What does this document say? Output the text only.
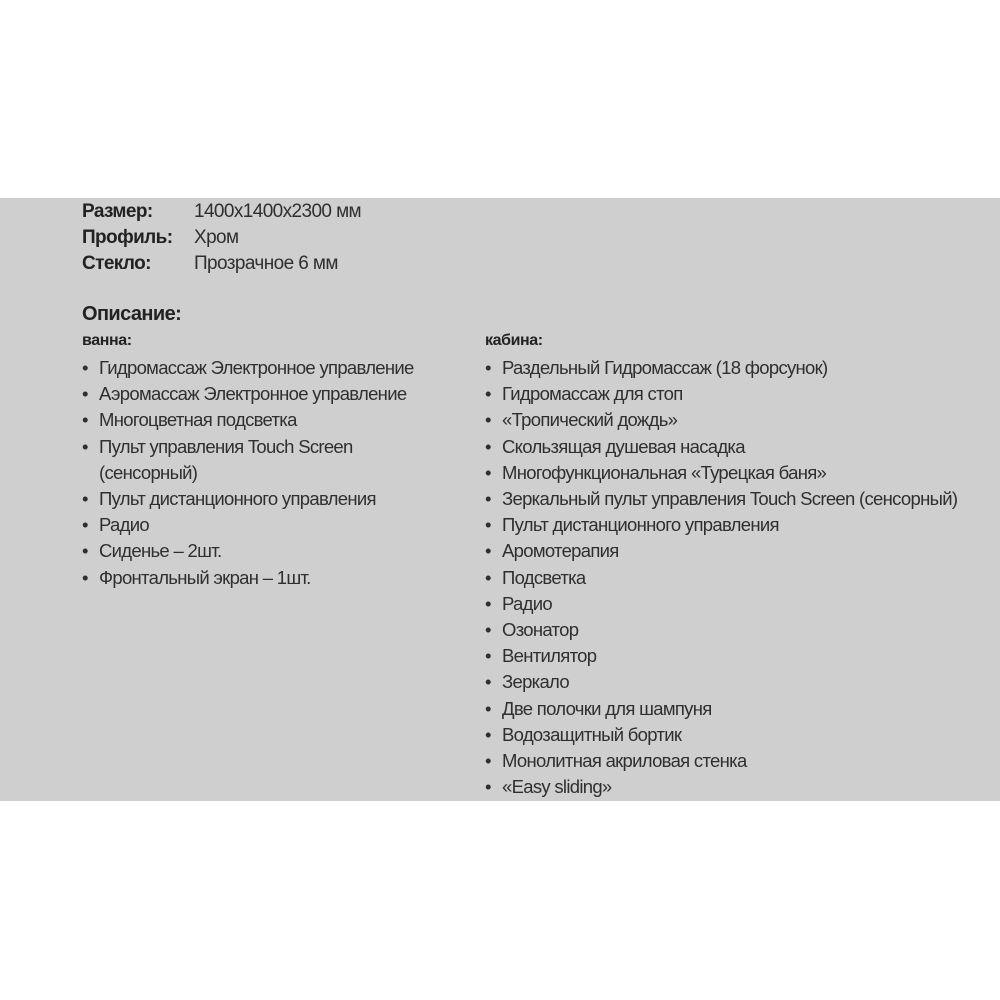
Размер: 1400x1400x2300 мм
Профиль: Хром
Стекло: Прозрачное 6 мм
Описание:
ванна:
• Гидромассаж Электронное управление
• Аэромассаж Электронное управление
• Многоцветная подсветка
• Пульт управления Touch Screen
(сенсорный)
• Пульт дистанционного управления
• Радио
• Сиденье – 2шт.
• Фронтальный экран – 1шт.
кабина:
• Раздельный Гидромассаж (18 форсунок)
• Гидромассаж для стоп
• «Тропический дождь»
• Скользящая душевая насадка
• Многофункциональная «Турецкая баня»
• Зеркальный пульт управления Touch Screen (сенсорный)
• Пульт дистанционного управления
• Аромотерапия
• Подсветка
• Радио
• Озонатор
• Вентилятор
• Зеркало
• Две полочки для шампуня
• Водозащитный бортик
• Монолитная акриловая стенка
• «Easy sliding»
